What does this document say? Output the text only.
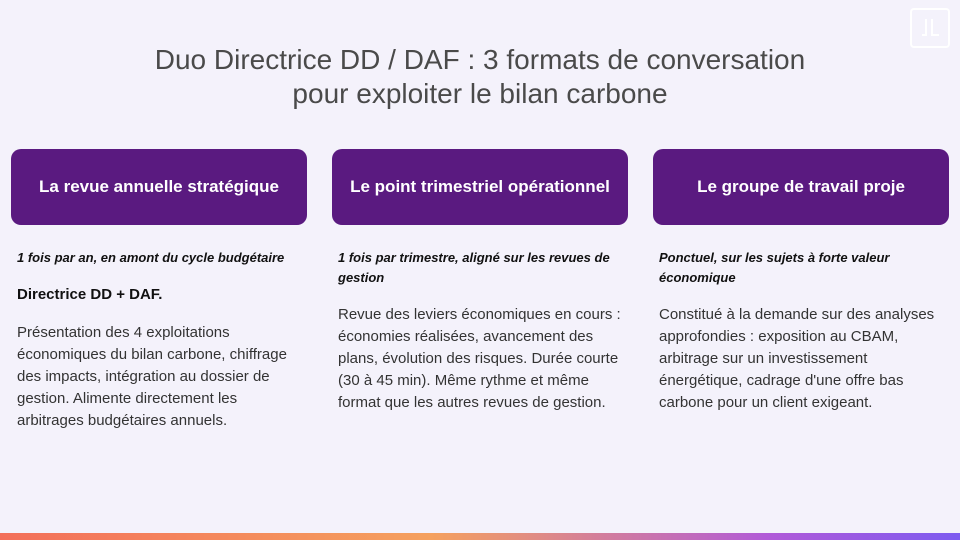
Duo Directrice DD / DAF : 3 formats de conversation
pour exploiter le bilan carbone
La revue annuelle stratégique
1 fois par an, en amont du cycle budgétaire
Directrice DD + DAF.
Présentation des 4 exploitations économiques du bilan carbone, chiffrage des impacts, intégration au dossier de gestion. Alimente directement les arbitrages budgétaires annuels.
Le point trimestriel opérationnel
1 fois par trimestre, aligné sur les revues de gestion
Revue des leviers économiques en cours : économies réalisées, avancement des plans, évolution des risques. Durée courte (30 à 45 min). Même rythme et même format que les autres revues de gestion.
Le groupe de travail proje
Ponctuel, sur les sujets à forte valeur économique
Constitué à la demande sur des analyses approfondies : exposition au CBAM, arbitrage sur un investissement énergétique, cadrage d'une offre bas carbone pour un client exigeant.
